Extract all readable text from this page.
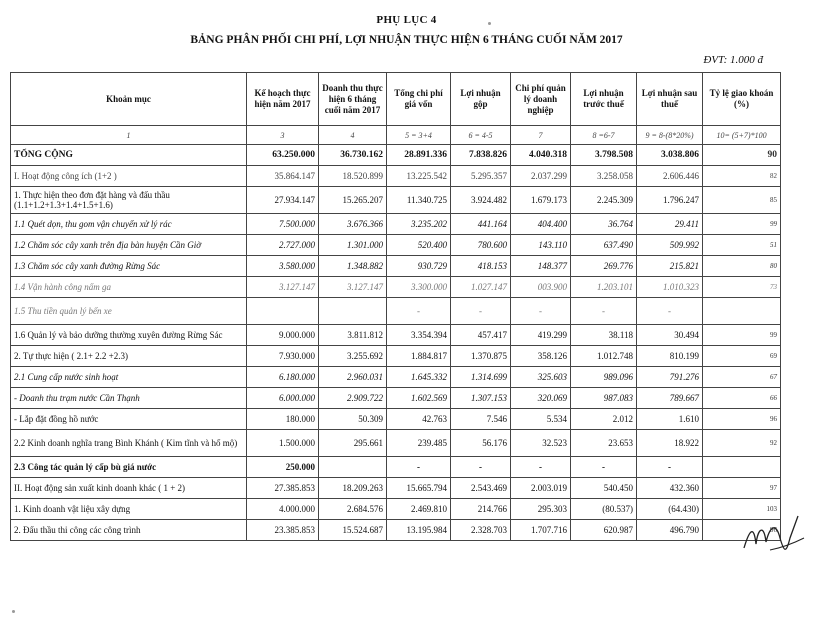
PHỤ LỤC 4
BẢNG PHÂN PHỐI CHI PHÍ, LỢI NHUẬN THỰC HIỆN 6 THÁNG CUỐI NĂM 2017
ĐVT: 1.000 đ
Khoản mục	Kế hoạch thực hiện năm 2017	Doanh thu thực hiện 6 tháng cuối năm 2017	Tổng chi phí giá vốn	Lợi nhuận gộp	Chi phí quản lý doanh nghiệp	Lợi nhuận trước thuế	Lợi nhuận sau thuế	Tỷ lệ giao khoán (%)
1	3	4	5 = 3+4	6 = 4-5	7	8 =6-7	9 = 8-(8*20%)	10= (5+7)*100
TỔNG CỘNG	63.250.000	36.730.162	28.891.336	7.838.826	4.040.318	3.798.508	3.038.806	90
I. Hoạt động công ích (1+2 )	35.864.147	18.520.899	13.225.542	5.295.357	2.037.299	3.258.058	2.606.446	82
1. Thực hiện theo đơn đặt hàng và đấu thầu (1.1+1.2+1.3+1.4+1.5+1.6)	27.934.147	15.265.207	11.340.725	3.924.482	1.679.173	2.245.309	1.796.247	85
1.1 Quét dọn, thu gom vận chuyển xử lý rác	7.500.000	3.676.366	3.235.202	441.164	404.400	36.764	29.411	99
1.2 Chăm sóc cây xanh trên địa bàn huyện Cần Giờ	2.727.000	1.301.000	520.400	780.600	143.110	637.490	509.992	51
1.3 Chăm sóc cây xanh đường Rừng Sác	3.580.000	1.348.882	930.729	418.153	148.377	269.776	215.821	80
1.4 Vận hành công nấm ga	3.127.147	3.127.147	3.300.000	1.027.147	003.900	1.203.101	1.010.323	73
1.5 Thu tiền quản lý bến xe			-	-	-	-	-	
1.6 Quản lý và bảo dưỡng thường xuyên đường Rừng Sác	9.000.000	3.811.812	3.354.394	457.417	419.299	38.118	30.494	99
2. Tự thực hiện ( 2.1+ 2.2 +2.3)	7.930.000	3.255.692	1.884.817	1.370.875	358.126	1.012.748	810.199	69
2.1 Cung cấp nước sinh hoạt	6.180.000	2.960.031	1.645.332	1.314.699	325.603	989.096	791.276	67
- Doanh thu trạm nước Cần Thạnh	6.000.000	2.909.722	1.602.569	1.307.153	320.069	987.083	789.667	66
- Lắp đặt đồng hồ nước	180.000	50.309	42.763	7.546	5.534	2.012	1.610	96
2.2 Kinh doanh nghĩa trang Bình Khánh ( Kim tĩnh và hố mộ)	1.500.000	295.661	239.485	56.176	32.523	23.653	18.922	92
2.3 Công tác quản lý cấp bù giá nước	250.000		-	-	-	-	-	
II. Hoạt động sản xuất kinh doanh khác ( 1 + 2)	27.385.853	18.209.263	15.665.794	2.543.469	2.003.019	540.450	432.360	97
1. Kinh doanh vật liệu xây dựng	4.000.000	2.684.576	2.469.810	214.766	295.303	(80.537)	(64.430)	103
2. Đấu thầu thi công các công trình	23.385.853	15.524.687	13.195.984	2.328.703	1.707.716	620.987	496.790	96
